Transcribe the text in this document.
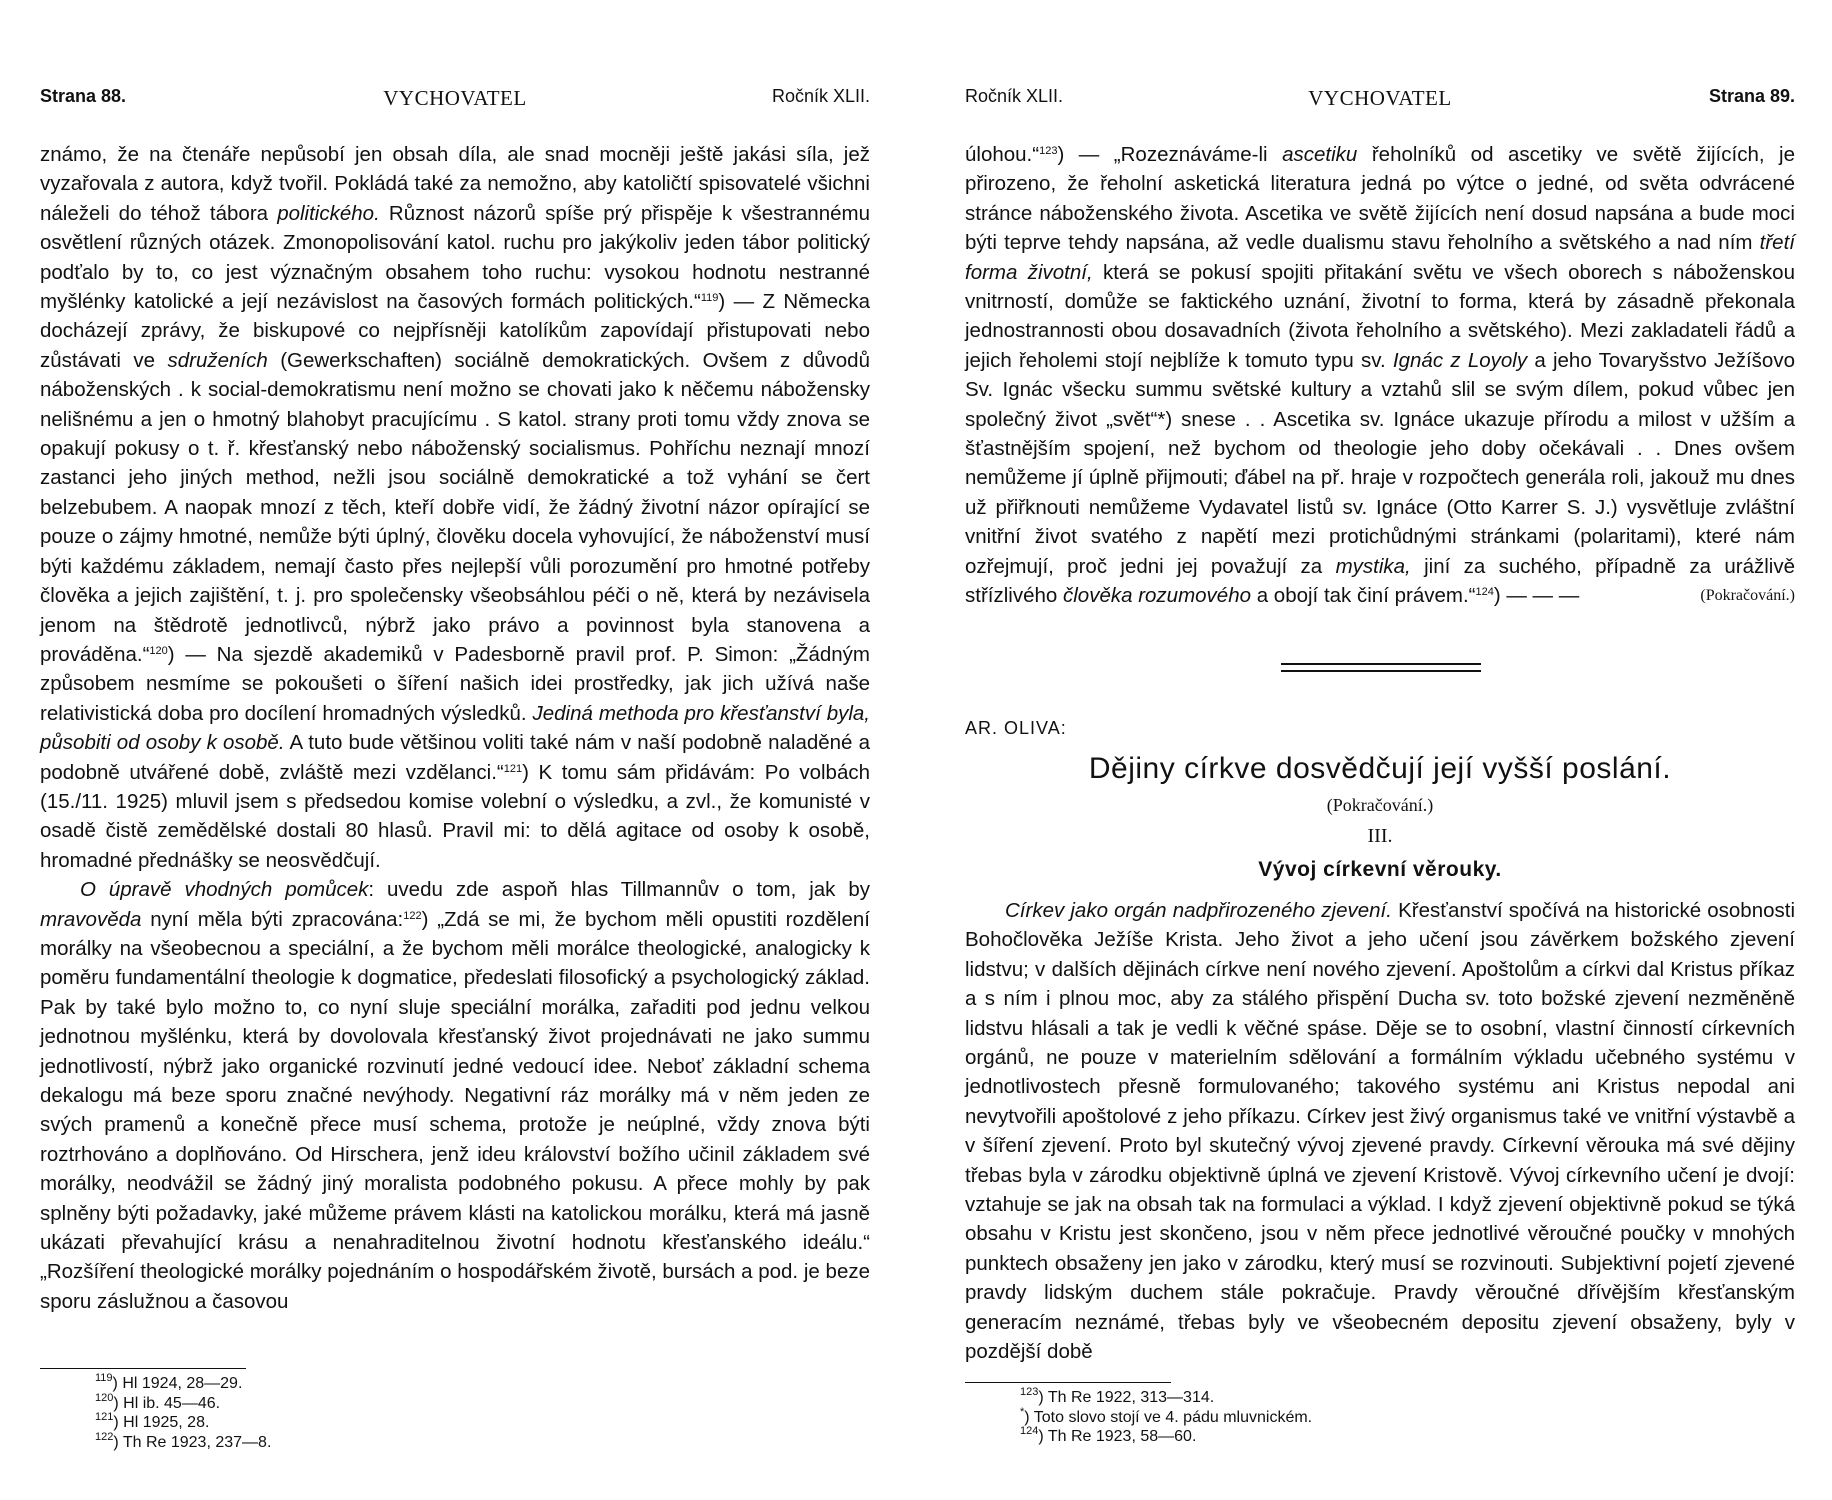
Strana 88.	VYCHOVATEL	Ročník XLII.

známo, že na čtenáře nepůsobí jen obsah díla, ale snad mocněji ještě jakási síla, jež vyzařovala z autora, když tvořil. Pokládá také za nemožno, aby katoličtí spisovatelé všichni náleželi do téhož tábora politického. Různost názorů spíše prý přispěje k všestrannému osvětlení různých otázek. Zmonopolisování katol. ruchu pro jakýkoliv jeden tábor politický podťalo by to, co jest význačným obsahem toho ruchu: vysokou hodnotu nestranné myšlénky katolické a její nezávislost na časových formách politických.“$^{119}$) — Z Německa docházejí zprávy, že biskupové co nejpřísněji katolíkům zapovídají přistupovati nebo zůstávati ve sdruženích (Gewerkschaften) sociálně demokratických. Ovšem z důvodů náboženských . k social-demokratismu není možno se chovati jako k něčemu náboženskу nelišnému a jen o hmotný blahobyt pracujícímu . S katol. strany proti tomu vždy znova se opakují pokusy o t. ř. křesťanský nebo náboženský socialismus. Pohříchu neznají mnozí zastanci jeho jiných method, nežli jsou sociálně demokratické a tož vyhání se čert belzebubem. A naopak mnozí z těch, kteří dobře vidí, že žádný životní názor opírající se pouze o zájmy hmotné, nemůže býti úplný, člověku docela vyhovující, že náboženství musí býti každému základem, nemají často přes nejlepší vůli porozumění pro hmotné potřeby člověka a jejich zajištění, t. j. pro společensky všeobsáhlou péči o ně, která by nezávisela jenom na štědrotě jednotlivců, nýbrž jako právo a povinnost byla stanovena a prováděna.“$^{120}$) — Na sjezdě akademiků v Padesborně pravil prof. P. Simon: „Žádným způsobem nesmíme se pokoušeti o šíření našich idei prostředky, jak jich užívá naše relativistická doba pro docílení hromadných výsledků. Jediná methoda pro křesťanství byla, působiti od osoby k osobě. A tuto bude většinou voliti také nám v naší podobně naladěné a podobně utvářené době, zvláště mezi vzdělanci.“$^{121}$) K tomu sám přidávám: Po volbách (15./11. 1925) mluvil jsem s předsedou komise volební o výsledku, a zvl., že komunisté v osadě čistě zemědělské dostali 80 hlasů. Pravil mi: to dělá agitace od osoby k osobě, hromadné přednášky se neosvědčují.

O úpravě vhodných pomůcek: uvedu zde aspoň hlas Tillmannův o tom, jak by mravověda nyní měla býti zpracována:$^{122}$) „Zdá se mi, že bychom měli opustiti rozdělení morálky na všeobecnou a speciální, a že bychom měli morálce theologické, analogicky k poměru fundamentální theologie k dogmatice, předeslati filosofický a psychologický základ. Pak by také bylo možno to, co nyní sluje speciální morálka, zařaditi pod jednu velkou jednotnou myšlénku, která by dovolovala křesťanský život projednávati ne jako summu jednotlivostí, nýbrž jako organické rozvinutí jedné vedoucí idee. Neboť základní schema dekalogu má beze sporu značné nevýhody. Negativní ráz morálky má v něm jeden ze svých pramenů a konečně přece musí schema, protože je neúplné, vždy znova býti roztrhováno a doplňováno. Od Hirschera, jenž ideu království božího učinil základem své morálky, neodvážil se žádný jiný moralista podobného pokusu. A přece mohly by pak splněny býti požadavky, jaké můžeme právem klásti na katolickou morálku, která má jasně ukázati převahující krásu a nenahraditelnou životní hodnotu křesťanského ideálu.“ „Rozšíření theologické morálky pojednáním o hospodářském životě, bursách a pod. je beze sporu záslužnou a časovou

$^{119}$) Hl 1924, 28—29.
$^{120}$) Hl ib. 45—46.
$^{121}$) Hl 1925, 28.
$^{122}$) Th Re 1923, 237—8.
Ročník XLII.	VYCHOVATEL	Strana 89.

úlohou.“$^{123}$) — „Rozeznáváme-li ascetiku řeholníků od ascetiky ve světě žijících, je přirozeno, že řeholní asketická literatura jedná po výtce o jedné, od světa odvrácené stránce náboženského života. Ascetika ve světě žijících není dosud napsána a bude moci býti teprve tehdy napsána, až vedle dualismu stavu řeholního a světského a nad ním třetí forma životní, která se pokusí spojiti přitakání světu ve všech oborech s náboženskou vnitrností, domůže se faktického uznání, životní to forma, která by zásadně překonala jednostrannosti obou dosavadních (života řeholního a světského). Mezi zakladateli řádů a jejich řeholemi stojí nejblíže k tomuto typu sv. Ignác z Loyoly a jeho Tovaryšstvo Ježíšovo Sv. Ignác všecku summu světské kultury a vztahů slil se svým dílem, pokud vůbec jen společný život „svět“*) snese . . Ascetika sv. Ignáce ukazuje přírodu a milost v užším a šťastnějším spojení, než bychom od theologie jeho doby očekávali . . Dnes ovšem nemůžeme jí úplně přijmouti; ďábel na př. hraje v rozpočtech generála roli, jakouž mu dnes už přiřknouti nemůžeme Vydavatel listů sv. Ignáce (Otto Karrer S. J.) vysvětluje zvláštní vnitřní život svatého z napětí mezi protichůdnými stránkami (polaritami), které nám ozřejmují, proč jedni jej považují za mystika, jiní za suchého, případně za urážlivě střízlivého člověka rozumového a obojí tak činí právem.“$^{124}$) — — —	(Pokračování.)

AR. OLIVA:
Dějiny církve dosvědčují její vyšší poslání.
(Pokračování.)
III.
Vývoj církevní věrouky.

Církev jako orgán nadpřirozeného zjevení. Křesťanství spočívá na historické osobnosti Bohočlověka Ježíše Krista. Jeho život a jeho učení jsou závěrkem božského zjevení lidstvu; v dalších dějinách církve není nového zjevení. Apoštolům a církvi dal Kristus příkaz a s ním i plnou moc, aby za stálého přispění Ducha sv. toto božské zjevení nezměněně lidstvu hlásali a tak je vedli k věčné spáse. Děje se to osobní, vlastní činností církevních orgánů, ne pouze v materielním sdělování a formálním výkladu učebného systému v jednotlivostech přesně formulovaného; takového systému ani Kristus nepodal ani nevytvořili apoštolové z jeho příkazu. Církev jest živý organismus také ve vnitřní výstavbě a v šíření zjevení. Proto byl skutečný vývoj zjevené pravdy. Církevní věrouka má své dějiny třebas byla v zárodku objektivně úplná ve zjevení Kristově. Vývoj církevního učení je dvojí: vztahuje se jak na obsah tak na formulaci a výklad. I když zjevení objektivně pokud se týká obsahu v Kristu jest skončeno, jsou v něm přece jednotlivé věroučné poučky v mnohých punktech obsaženy jen jako v zárodku, který musí se rozvinouti. Subjektivní pojetí zjevené pravdy lidským duchem stále pokračuje. Pravdy věroučné dřívějším křesťanským generacím neznámé, třebas byly ve všeobecném depositu zjevení obsaženy, byly v pozdější době

$^{123}$) Th Re 1922, 313—314.
*) Toto slovo stojí ve 4. pádu mluvnickém.
$^{124}$) Th Re 1923, 58—60.
